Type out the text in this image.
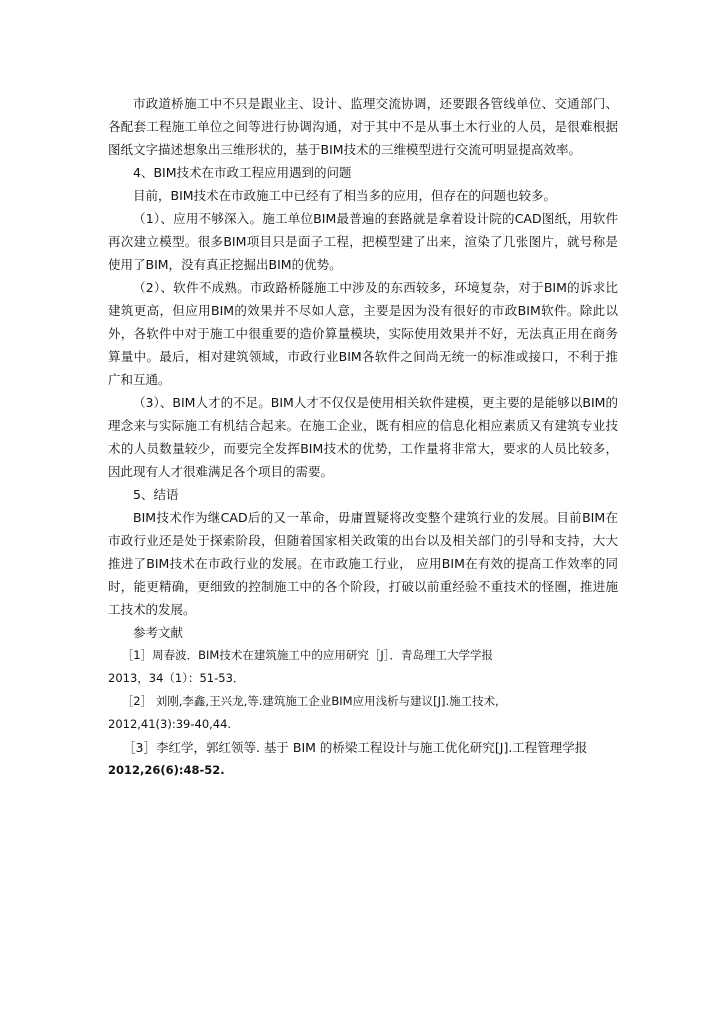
市政道桥施工中不只是跟业主、设计、监理交流协调，还要跟各管线单位、交通部门、各配套工程施工单位之间等进行协调沟通，对于其中不是从事土木行业的人员，是很难根据图纸文字描述想象出三维形状的，基于BIM技术的三维模型进行交流可明显提高效率。

4、BIM技术在市政工程应用遇到的问题

目前，BIM技术在市政施工中已经有了相当多的应用，但存在的问题也较多。

（1）、应用不够深入。施工单位BIM最普遍的套路就是拿着设计院的CAD图纸，用软件再次建立模型。很多BIM项目只是面子工程，把模型建了出来，渲染了几张图片，就号称是使用了BIM，没有真正挖掘出BIM的优势。

（2）、软件不成熟。市政路桥隧施工中涉及的东西较多，环境复杂，对于BIM的诉求比建筑更高，但应用BIM的效果并不尽如人意，主要是因为没有很好的市政BIM软件。除此以外，各软件中对于施工中很重要的造价算量模块，实际使用效果并不好，无法真正用在商务算量中。最后，相对建筑领域，市政行业BIM各软件之间尚无统一的标准或接口，不利于推广和互通。

（3）、BIM人才的不足。BIM人才不仅仅是使用相关软件建模，更主要的是能够以BIM的理念来与实际施工有机结合起来。在施工企业，既有相应的信息化相应素质又有建筑专业技术的人员数量较少，而要完全发挥BIM技术的优势，工作量将非常大，要求的人员比较多，因此现有人才很难满足各个项目的需要。

5、结语

BIM技术作为继CAD后的又一革命，毋庸置疑将改变整个建筑行业的发展。目前BIM在市政行业还是处于探索阶段，但随着国家相关政策的出台以及相关部门的引导和支持，大大推进了BIM技术在市政行业的发展。在市政施工行业， 应用BIM在有效的提高工作效率的同时，能更精确，更细致的控制施工中的各个阶段，打破以前重经验不重技术的怪圈，推进施工技术的发展。

参考文献

［1］周春波．BIM技术在建筑施工中的应用研究［J］．青岛理工大学学报

2013，34（1）：51-53．

［2］ 刘刚,李鑫,王兴龙,等.建筑施工企业BIM应用浅析与建议[J].施工技术,

2012,41(3):39-40,44.

［3］李红学，郭红领等. 基于 BIM 的桥梁工程设计与施工优化研究[J].工程管理学报

2012,26(6):48-52.
